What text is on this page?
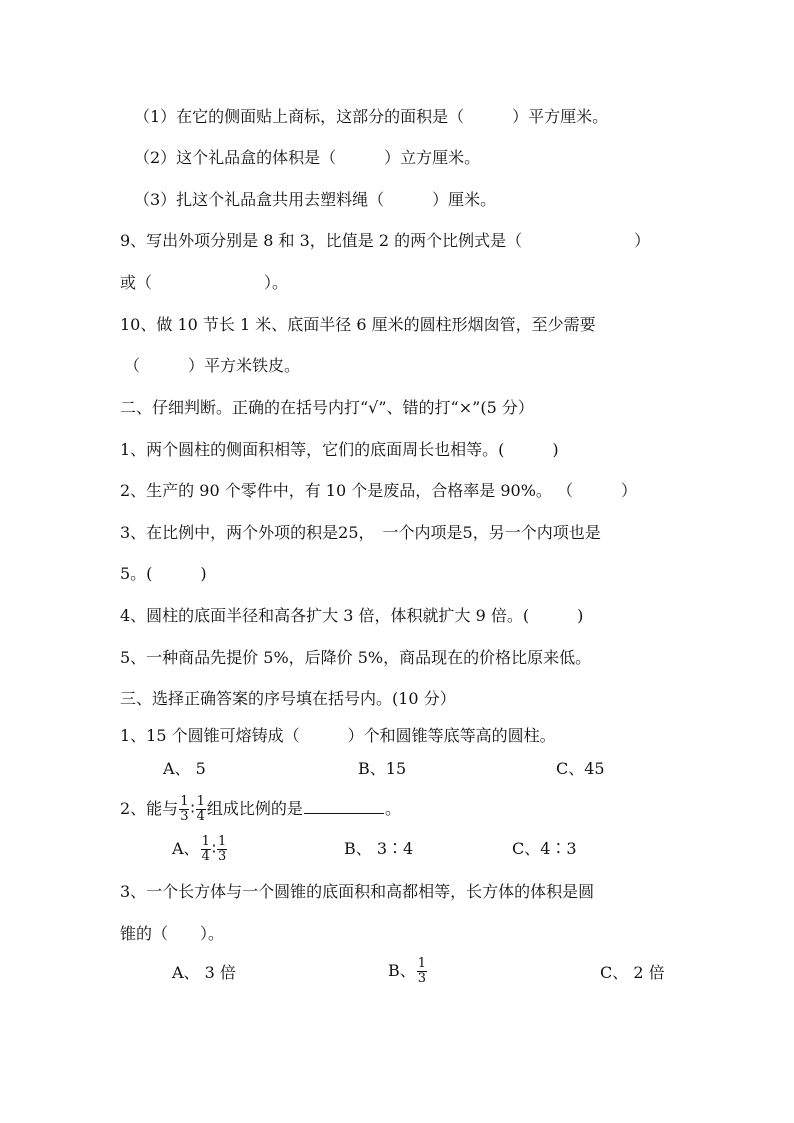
（1）在它的侧面贴上商标，这部分的面积是（　　　）平方厘米。
（2）这个礼品盒的体积是（　　　）立方厘米。
（3）扎这个礼品盒共用去塑料绳（　　　）厘米。
9、写出外项分别是 8 和 3，比值是 2 的两个比例式是（　　　　　　　）
或（　　　　　　　）。
10、做 10 节长 1 米、底面半径 6 厘米的圆柱形烟囱管，至少需要
（　　　）平方米铁皮。
二、仔细判断。正确的在括号内打“√”、错的打“×”(5 分）
1、两个圆柱的侧面积相等，它们的底面周长也相等。(　　　)
2、生产的 90 个零件中，有 10 个是废品，合格率是 90%。 （　　　）
3、在比例中，两个外项的积是25，　一个内项是5，另一个内项也是
5。(　　　)
4、圆柱的底面半径和高各扩大 3 倍，体积就扩大 9 倍。(　　　)
5、一种商品先提价 5%，后降价 5%，商品现在的价格比原来低。
三、选择正确答案的序号填在括号内。(10 分）
1、15 个圆锥可熔铸成（　　　）个和圆锥等底等高的圆柱。
A、 5	B、15	C、45
2、能与 $\frac{1}{3}$ ∶ $\frac{1}{4}$ 组成比例的是	。
A、 $\frac{1}{4}$ ∶ $\frac{1}{3}$	B、 3∶4	C、4∶3
3、一个长方体与一个圆锥的底面积和高都相等，长方体的体积是圆
锥的（　　）。
A、 3 倍	B、 $\frac{1}{3}$	C、 2 倍
